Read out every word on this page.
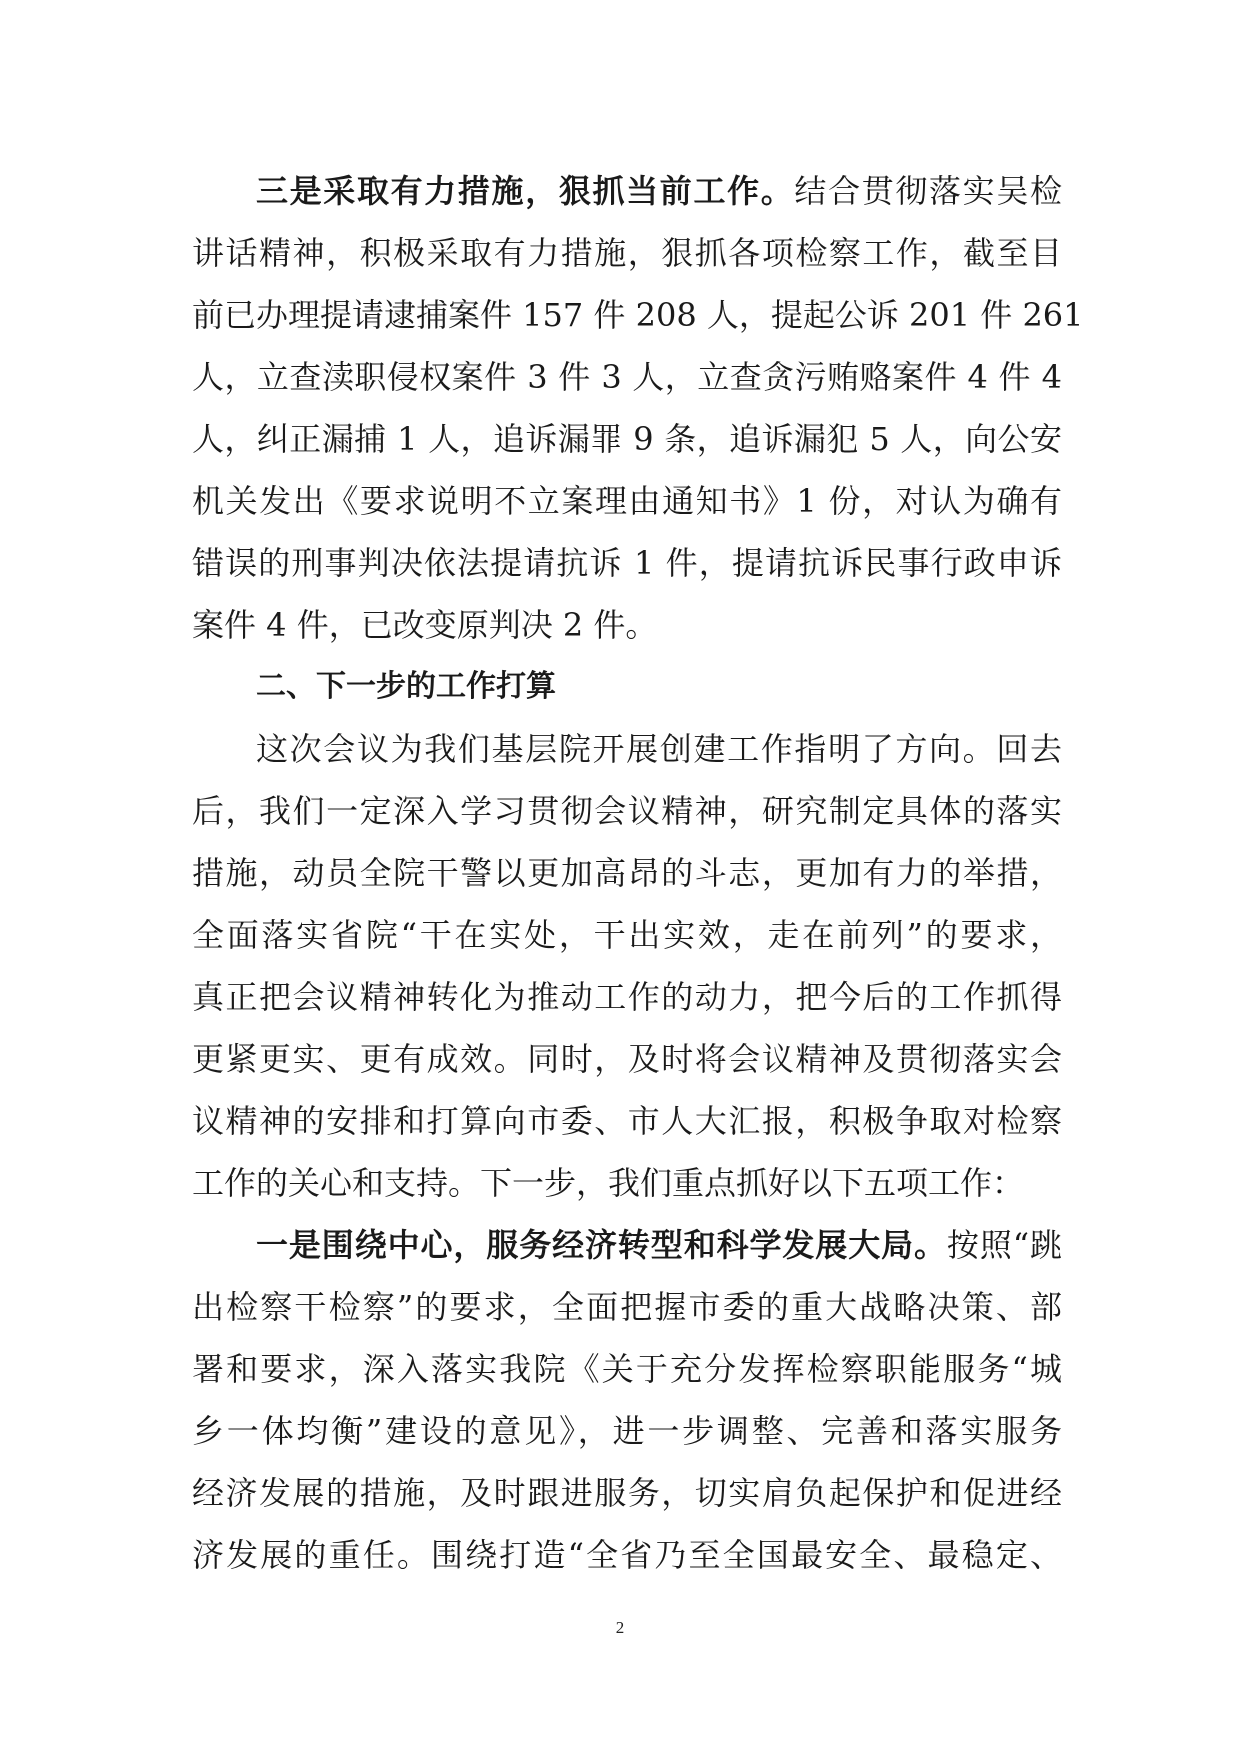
三是采取有力措施，狠抓当前工作。结合贯彻落实吴检
讲话精神，积极采取有力措施，狠抓各项检察工作，截至目
前已办理提请逮捕案件 157 件 208 人，提起公诉 201 件 261
人，立查渎职侵权案件 3 件 3 人，立查贪污贿赂案件 4 件 4
人，纠正漏捕 1 人，追诉漏罪 9 条，追诉漏犯 5 人，向公安
机关发出《要求说明不立案理由通知书》1 份，对认为确有
错误的刑事判决依法提请抗诉 1 件，提请抗诉民事行政申诉
案件 4 件，已改变原判决 2 件。
二、下一步的工作打算
这次会议为我们基层院开展创建工作指明了方向。回去
后，我们一定深入学习贯彻会议精神，研究制定具体的落实
措施，动员全院干警以更加高昂的斗志，更加有力的举措，
全面落实省院“干在实处，干出实效，走在前列”的要求，
真正把会议精神转化为推动工作的动力，把今后的工作抓得
更紧更实、更有成效。同时，及时将会议精神及贯彻落实会
议精神的安排和打算向市委、市人大汇报，积极争取对检察
工作的关心和支持。下一步，我们重点抓好以下五项工作：
一是围绕中心，服务经济转型和科学发展大局。按照“跳
出检察干检察”的要求，全面把握市委的重大战略决策、部
署和要求，深入落实我院《关于充分发挥检察职能服务“城
乡一体均衡”建设的意见》，进一步调整、完善和落实服务
经济发展的措施，及时跟进服务，切实肩负起保护和促进经
济发展的重任。围绕打造“全省乃至全国最安全、最稳定、
2
